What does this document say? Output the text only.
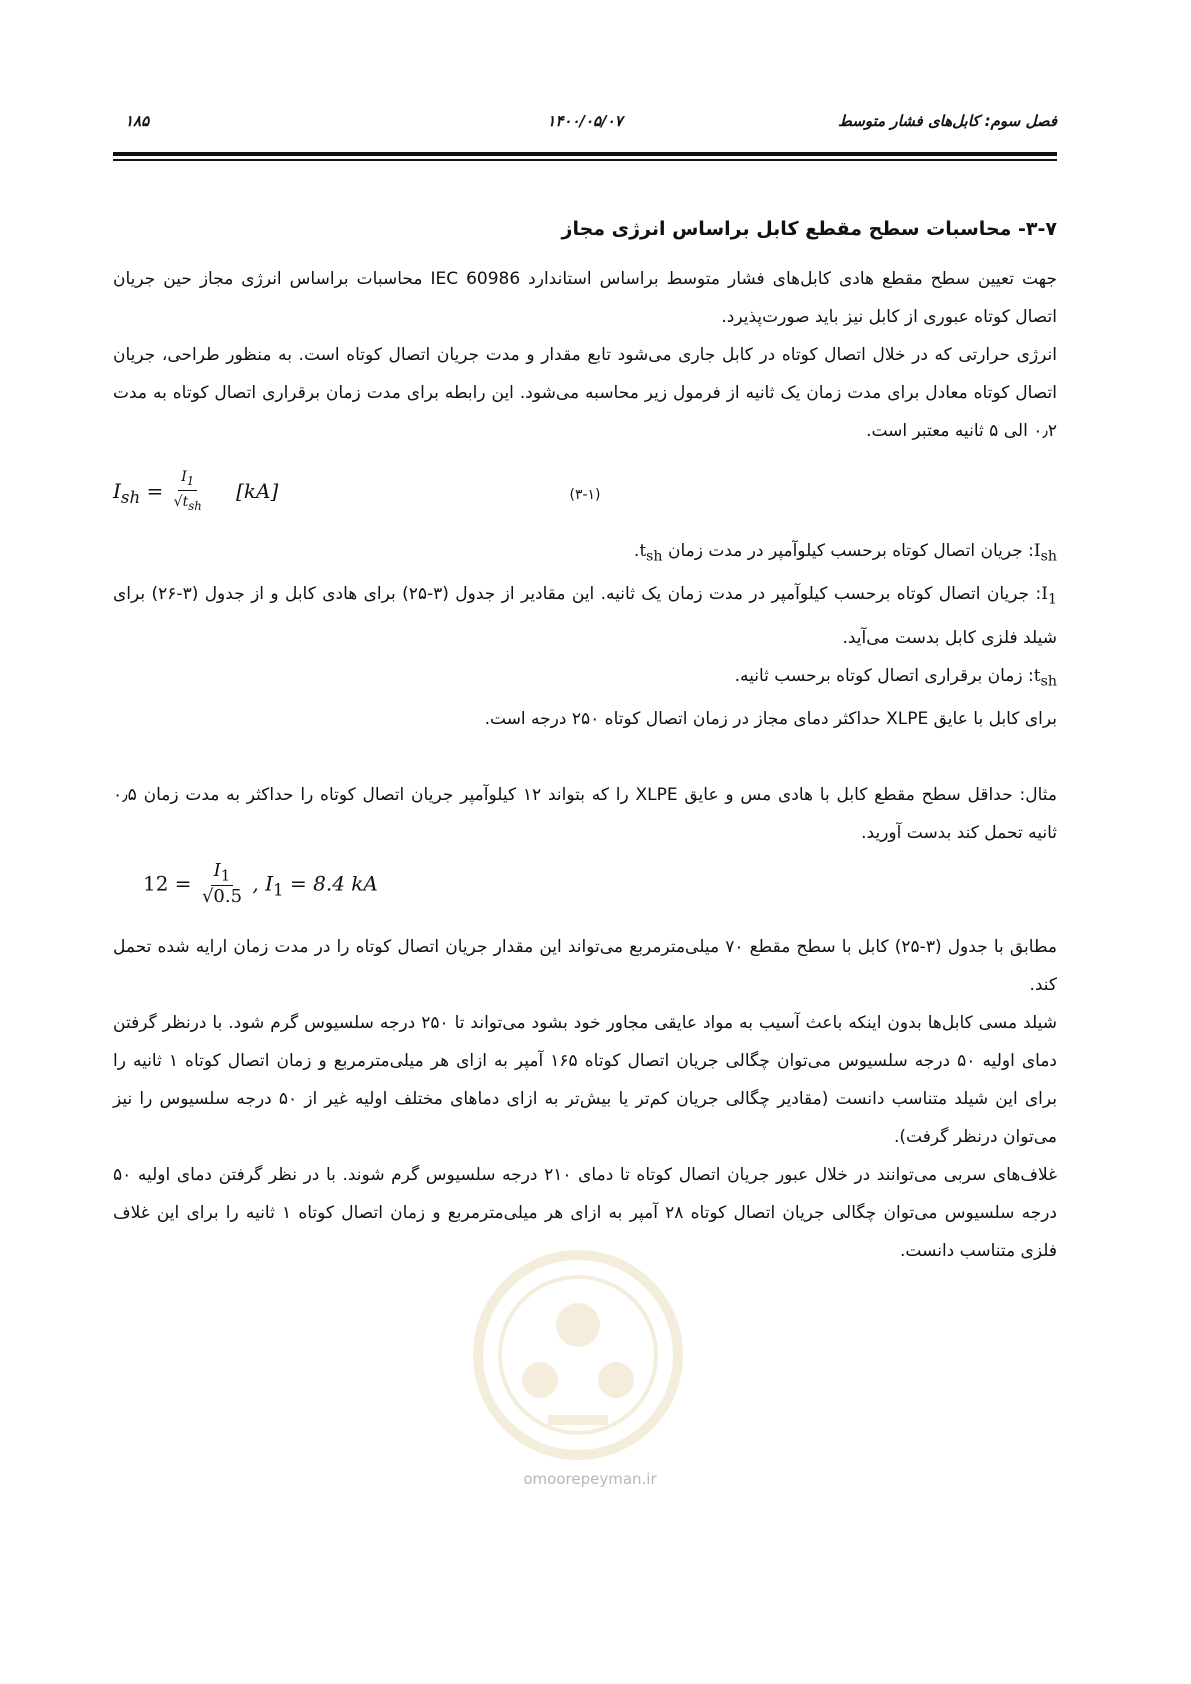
فصل سوم: کابل‌های فشار متوسط
۱۴۰۰/۰۵/۰۷
۱۸۵
۳-۷- محاسبات سطح مقطع کابل براساس انرژی مجاز

جهت تعیین سطح مقطع هادی کابل‌های فشار متوسط براساس استاندارد IEC 60986 محاسبات براساس انرژی مجاز حین جریان اتصال کوتاه عبوری از کابل نیز باید صورت‌پذیرد.

انرژی حرارتی که در خلال اتصال کوتاه در کابل جاری می‌شود تابع مقدار و مدت جریان اتصال کوتاه است. به منظور طراحی، جریان اتصال کوتاه معادل برای مدت زمان یک ثانیه از فرمول زیر محاسبه می‌شود. این رابطه برای مدت زمان برقراری اتصال کوتاه به مدت ۰٫۲ الی ۵ ثانیه معتبر است.

$I_{sh} = \frac{I_1}{√t_{sh}} [kA]$	(۳-۱)

$I_{sh}$: جریان اتصال کوتاه برحسب کیلوآمپر در مدت زمان $t_{sh}$.

$I_1$: جریان اتصال کوتاه برحسب کیلوآمپر در مدت زمان یک ثانیه. این مقادیر از جدول (۳-۲۵) برای هادی کابل و از جدول (۳-۲۶) برای شیلد فلزی کابل بدست می‌آید.

$t_{sh}$: زمان برقراری اتصال کوتاه برحسب ثانیه.

برای کابل با عایق XLPE حداکثر دمای مجاز در زمان اتصال کوتاه ۲۵۰ درجه است.

مثال: حداقل سطح مقطع کابل با هادی مس و عایق XLPE را که بتواند ۱۲ کیلوآمپر جریان اتصال کوتاه را حداکثر به مدت زمان ۰٫۵ ثانیه تحمل کند بدست آورید.

$12 = \frac{I_1}{√0.5}$ , $I_1 = 8.4$ kA

مطابق با جدول (۳-۲۵) کابل با سطح مقطع ۷۰ میلی‌مترمربع می‌تواند این مقدار جریان اتصال کوتاه را در مدت زمان ارایه شده تحمل کند.

شیلد مسی کابل‌ها بدون اینکه باعث آسیب به مواد عایقی مجاور خود بشود می‌تواند تا ۲۵۰ درجه سلسیوس گرم شود. با درنظر گرفتن دمای اولیه ۵۰ درجه سلسیوس می‌توان چگالی جریان اتصال کوتاه ۱۶۵ آمپر به ازای هر میلی‌مترمربع و زمان اتصال کوتاه ۱ ثانیه را برای این شیلد متناسب دانست (مقادیر چگالی جریان کم‌تر یا بیش‌تر به ازای دماهای مختلف اولیه غیر از ۵۰ درجه سلسیوس را نیز می‌توان درنظر گرفت).

غلاف‌های سربی می‌توانند در خلال عبور جریان اتصال کوتاه تا دمای ۲۱۰ درجه سلسیوس گرم شوند. با در نظر گرفتن دمای اولیه ۵۰ درجه سلسیوس می‌توان چگالی جریان اتصال کوتاه ۲۸ آمپر به ازای هر میلی‌مترمربع و زمان اتصال کوتاه ۱ ثانیه را برای این غلاف فلزی متناسب دانست.

omoorepeyman.ir
